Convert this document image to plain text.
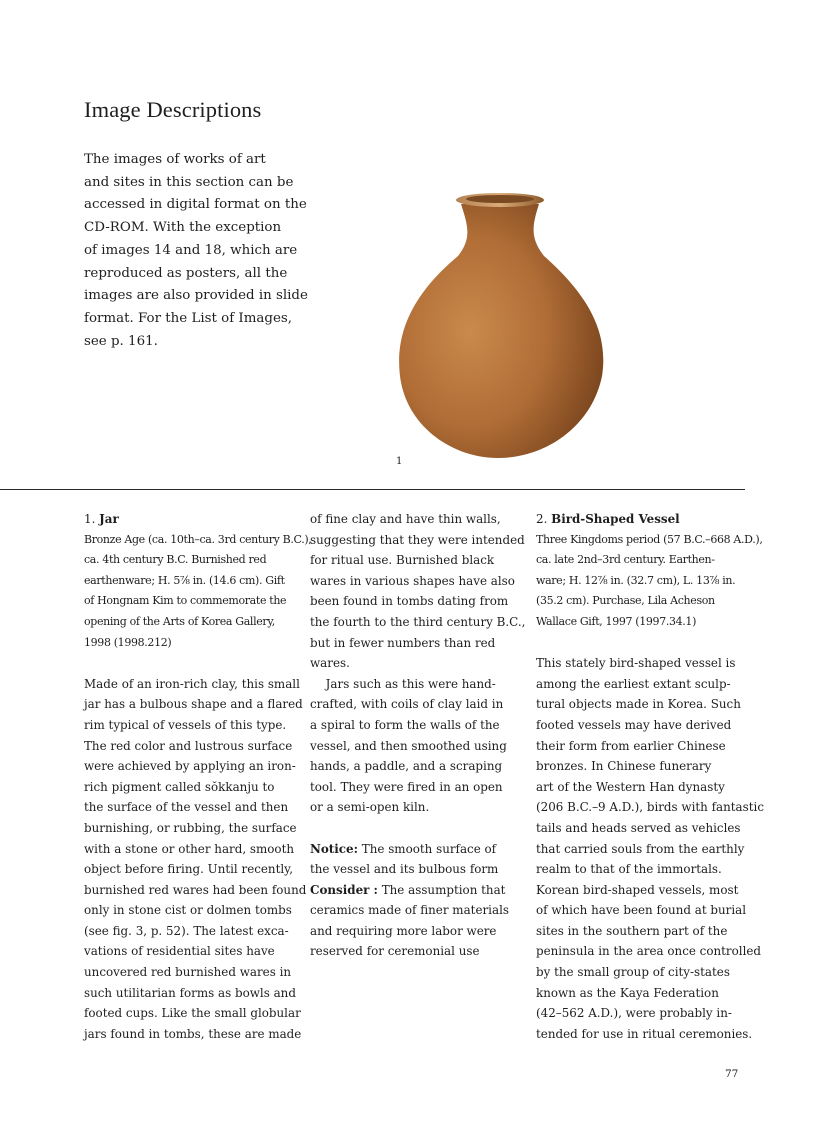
Image Descriptions
The images of works of art
and sites in this section can be
accessed in digital format on the
CD-ROM. With the exception
of images 14 and 18, which are
reproduced as posters, all the
images are also provided in slide
format. For the List of Images,
see p. 161.
1
1. Jar
Bronze Age (ca. 10th–ca. 3rd century B.C.),
ca. 4th century B.C. Burnished red
earthenware; H. 5⁷⁄₈ in. (14.6 cm). Gift
of Hongnam Kim to commemorate the
opening of the Arts of Korea Gallery,
1998 (1998.212)
Made of an iron-rich clay, this small
jar has a bulbous shape and a flared
rim typical of vessels of this type.
The red color and lustrous surface
were achieved by applying an iron-
rich pigment called sŏkkanju to
the surface of the vessel and then
burnishing, or rubbing, the surface
with a stone or other hard, smooth
object before firing. Until recently,
burnished red wares had been found
only in stone cist or dolmen tombs
(see fig. 3, p. 52). The latest exca-
vations of residential sites have
uncovered red burnished wares in
such utilitarian forms as bowls and
footed cups. Like the small globular
jars found in tombs, these are made
of fine clay and have thin walls,
suggesting that they were intended
for ritual use. Burnished black
wares in various shapes have also
been found in tombs dating from
the fourth to the third century B.C.,
but in fewer numbers than red
wares.
  Jars such as this were hand-
crafted, with coils of clay laid in
a spiral to form the walls of the
vessel, and then smoothed using
hands, a paddle, and a scraping
tool. They were fired in an open
or a semi-open kiln.
Notice: The smooth surface of
the vessel and its bulbous form
Consider : The assumption that
ceramics made of finer materials
and requiring more labor were
reserved for ceremonial use
2. Bird-Shaped Vessel
Three Kingdoms period (57 B.C.–668 A.D.),
ca. late 2nd–3rd century. Earthen-
ware; H. 12⁷⁄₈ in. (32.7 cm), L. 13⁷⁄₈ in.
(35.2 cm). Purchase, Lila Acheson
Wallace Gift, 1997 (1997.34.1)
This stately bird-shaped vessel is
among the earliest extant sculp-
tural objects made in Korea. Such
footed vessels may have derived
their form from earlier Chinese
bronzes. In Chinese funerary
art of the Western Han dynasty
(206 B.C.–9 A.D.), birds with fantastic
tails and heads served as vehicles
that carried souls from the earthly
realm to that of the immortals.
Korean bird-shaped vessels, most
of which have been found at burial
sites in the southern part of the
peninsula in the area once controlled
by the small group of city-states
known as the Kaya Federation
(42–562 A.D.), were probably in-
tended for use in ritual ceremonies.
77
